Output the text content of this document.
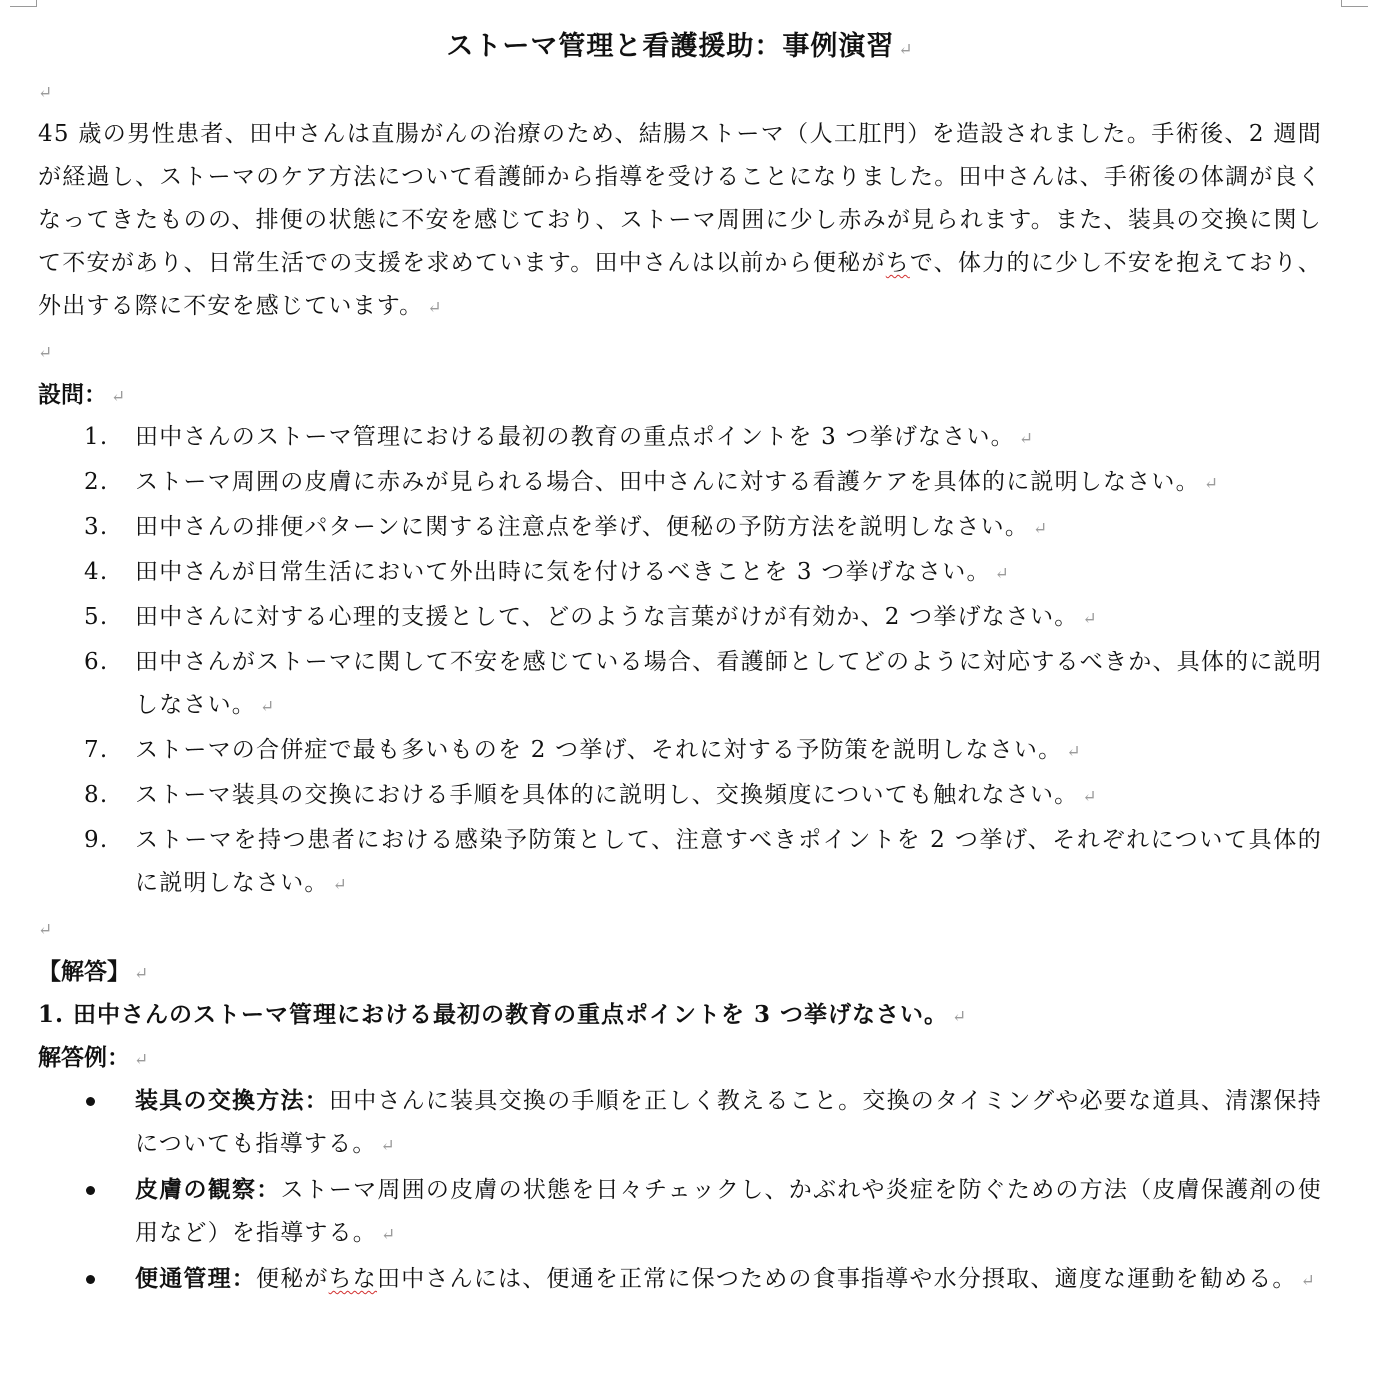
ストーマ管理と看護援助：事例演習 ↵
↵
45 歳の男性患者、田中さんは直腸がんの治療のため、結腸ストーマ（人工肛門）を造設されました。手術後、2 週間が経過し、ストーマのケア方法について看護師から指導を受けることになりました。田中さんは、手術後の体調が良くなってきたものの、排便の状態に不安を感じており、ストーマ周囲に少し赤みが見られます。また、装具の交換に関して不安があり、日常生活での支援を求めています。田中さんは以前から便秘がちで、体力的に少し不安を抱えており、外出する際に不安を感じています。 ↵
↵
設問： ↵
1.	田中さんのストーマ管理における最初の教育の重点ポイントを 3 つ挙げなさい。 ↵
2.	ストーマ周囲の皮膚に赤みが見られる場合、田中さんに対する看護ケアを具体的に説明しなさい。 ↵
3.	田中さんの排便パターンに関する注意点を挙げ、便秘の予防方法を説明しなさい。 ↵
4.	田中さんが日常生活において外出時に気を付けるべきことを 3 つ挙げなさい。 ↵
5.	田中さんに対する心理的支援として、どのような言葉がけが有効か、2 つ挙げなさい。 ↵
6.	田中さんがストーマに関して不安を感じている場合、看護師としてどのように対応するべきか、具体的に説明しなさい。 ↵
7.	ストーマの合併症で最も多いものを 2 つ挙げ、それに対する予防策を説明しなさい。 ↵
8.	ストーマ装具の交換における手順を具体的に説明し、交換頻度についても触れなさい。 ↵
9.	ストーマを持つ患者における感染予防策として、注意すべきポイントを 2 つ挙げ、それぞれについて具体的に説明しなさい。 ↵
↵
【解答】 ↵
1. 田中さんのストーマ管理における最初の教育の重点ポイントを 3 つ挙げなさい。 ↵
解答例： ↵
装具の交換方法：田中さんに装具交換の手順を正しく教えること。交換のタイミングや必要な道具、清潔保持についても指導する。 ↵
皮膚の観察：ストーマ周囲の皮膚の状態を日々チェックし、かぶれや炎症を防ぐための方法（皮膚保護剤の使用など）を指導する。 ↵
便通管理：便秘がちな田中さんには、便通を正常に保つための食事指導や水分摂取、適度な運動を勧める。 ↵
